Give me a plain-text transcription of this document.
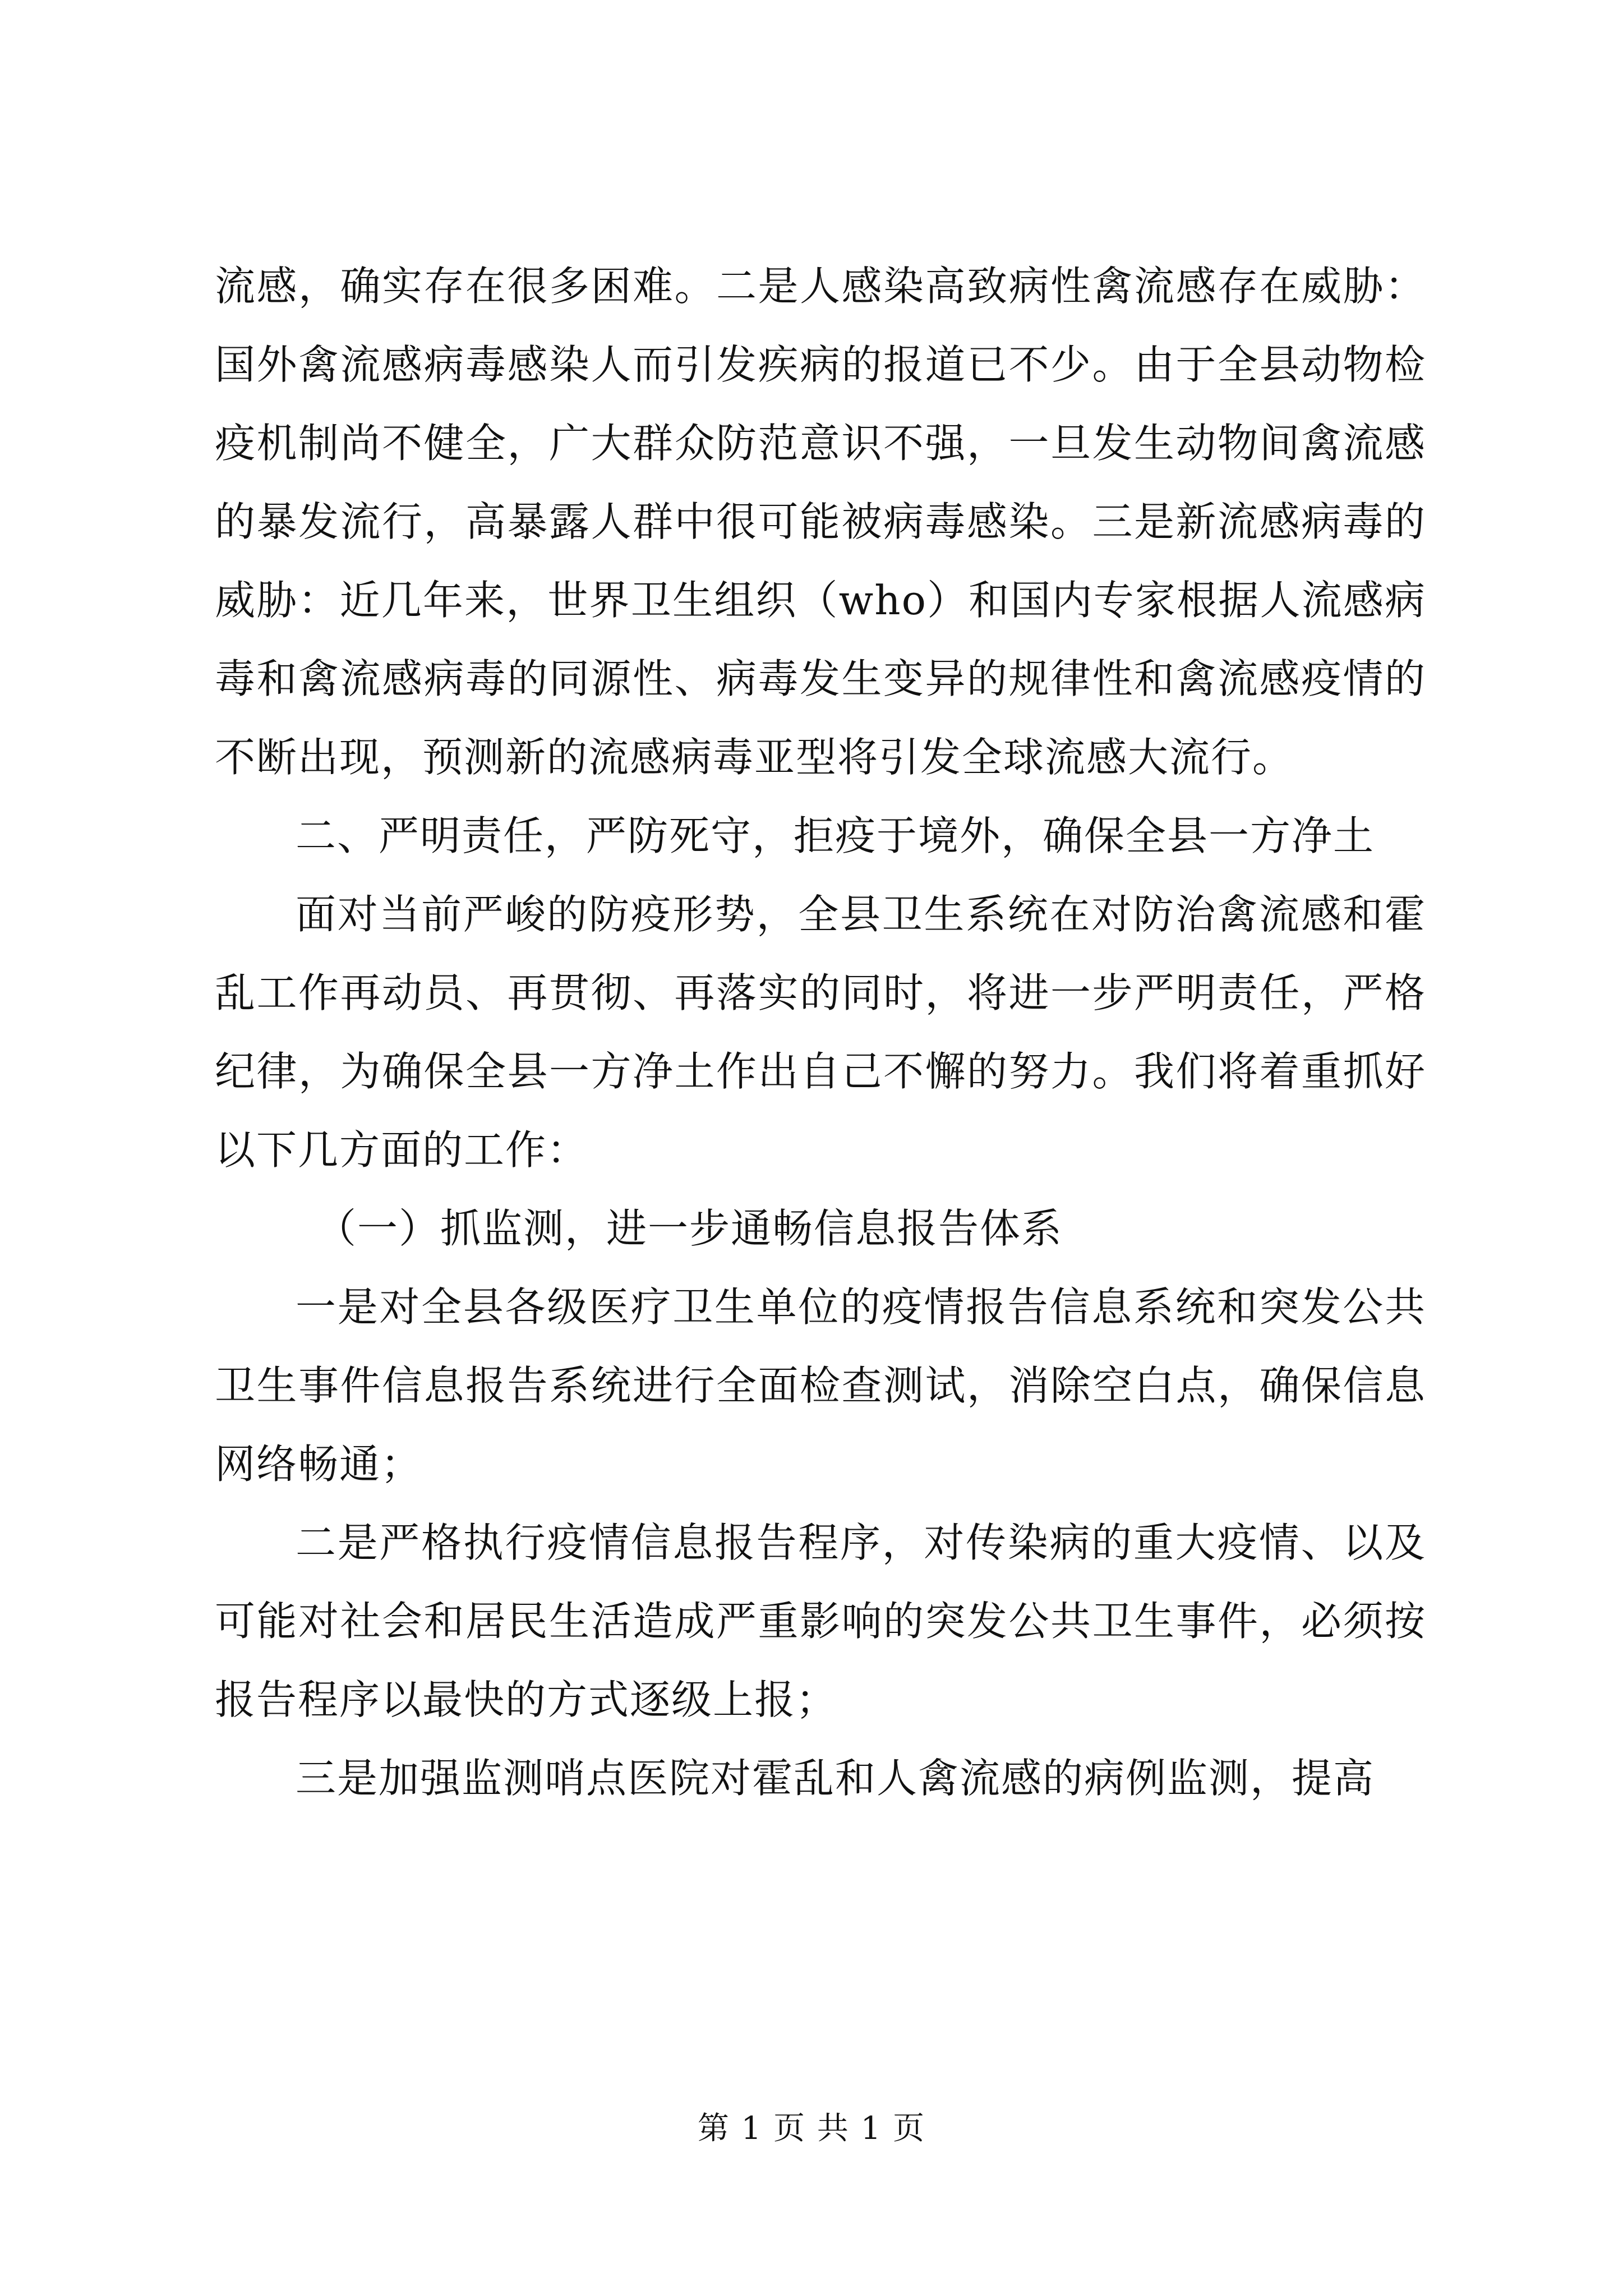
流感，确实存在很多困难。二是人感染高致病性禽流感存在威胁：国外禽流感病毒感染人而引发疾病的报道已不少。由于全县动物检疫机制尚不健全，广大群众防范意识不强，一旦发生动物间禽流感的暴发流行，高暴露人群中很可能被病毒感染。三是新流感病毒的威胁：近几年来，世界卫生组织（who）和国内专家根据人流感病毒和禽流感病毒的同源性、病毒发生变异的规律性和禽流感疫情的不断出现，预测新的流感病毒亚型将引发全球流感大流行。

二、严明责任，严防死守，拒疫于境外，确保全县一方净土

面对当前严峻的防疫形势，全县卫生系统在对防治禽流感和霍乱工作再动员、再贯彻、再落实的同时，将进一步严明责任，严格纪律，为确保全县一方净土作出自己不懈的努力。我们将着重抓好以下几方面的工作：

（一）抓监测，进一步通畅信息报告体系

一是对全县各级医疗卫生单位的疫情报告信息系统和突发公共卫生事件信息报告系统进行全面检查测试，消除空白点，确保信息网络畅通；

二是严格执行疫情信息报告程序，对传染病的重大疫情、以及可能对社会和居民生活造成严重影响的突发公共卫生事件，必须按报告程序以最快的方式逐级上报；

三是加强监测哨点医院对霍乱和人禽流感的病例监测，提高

第 1 页 共 1 页
